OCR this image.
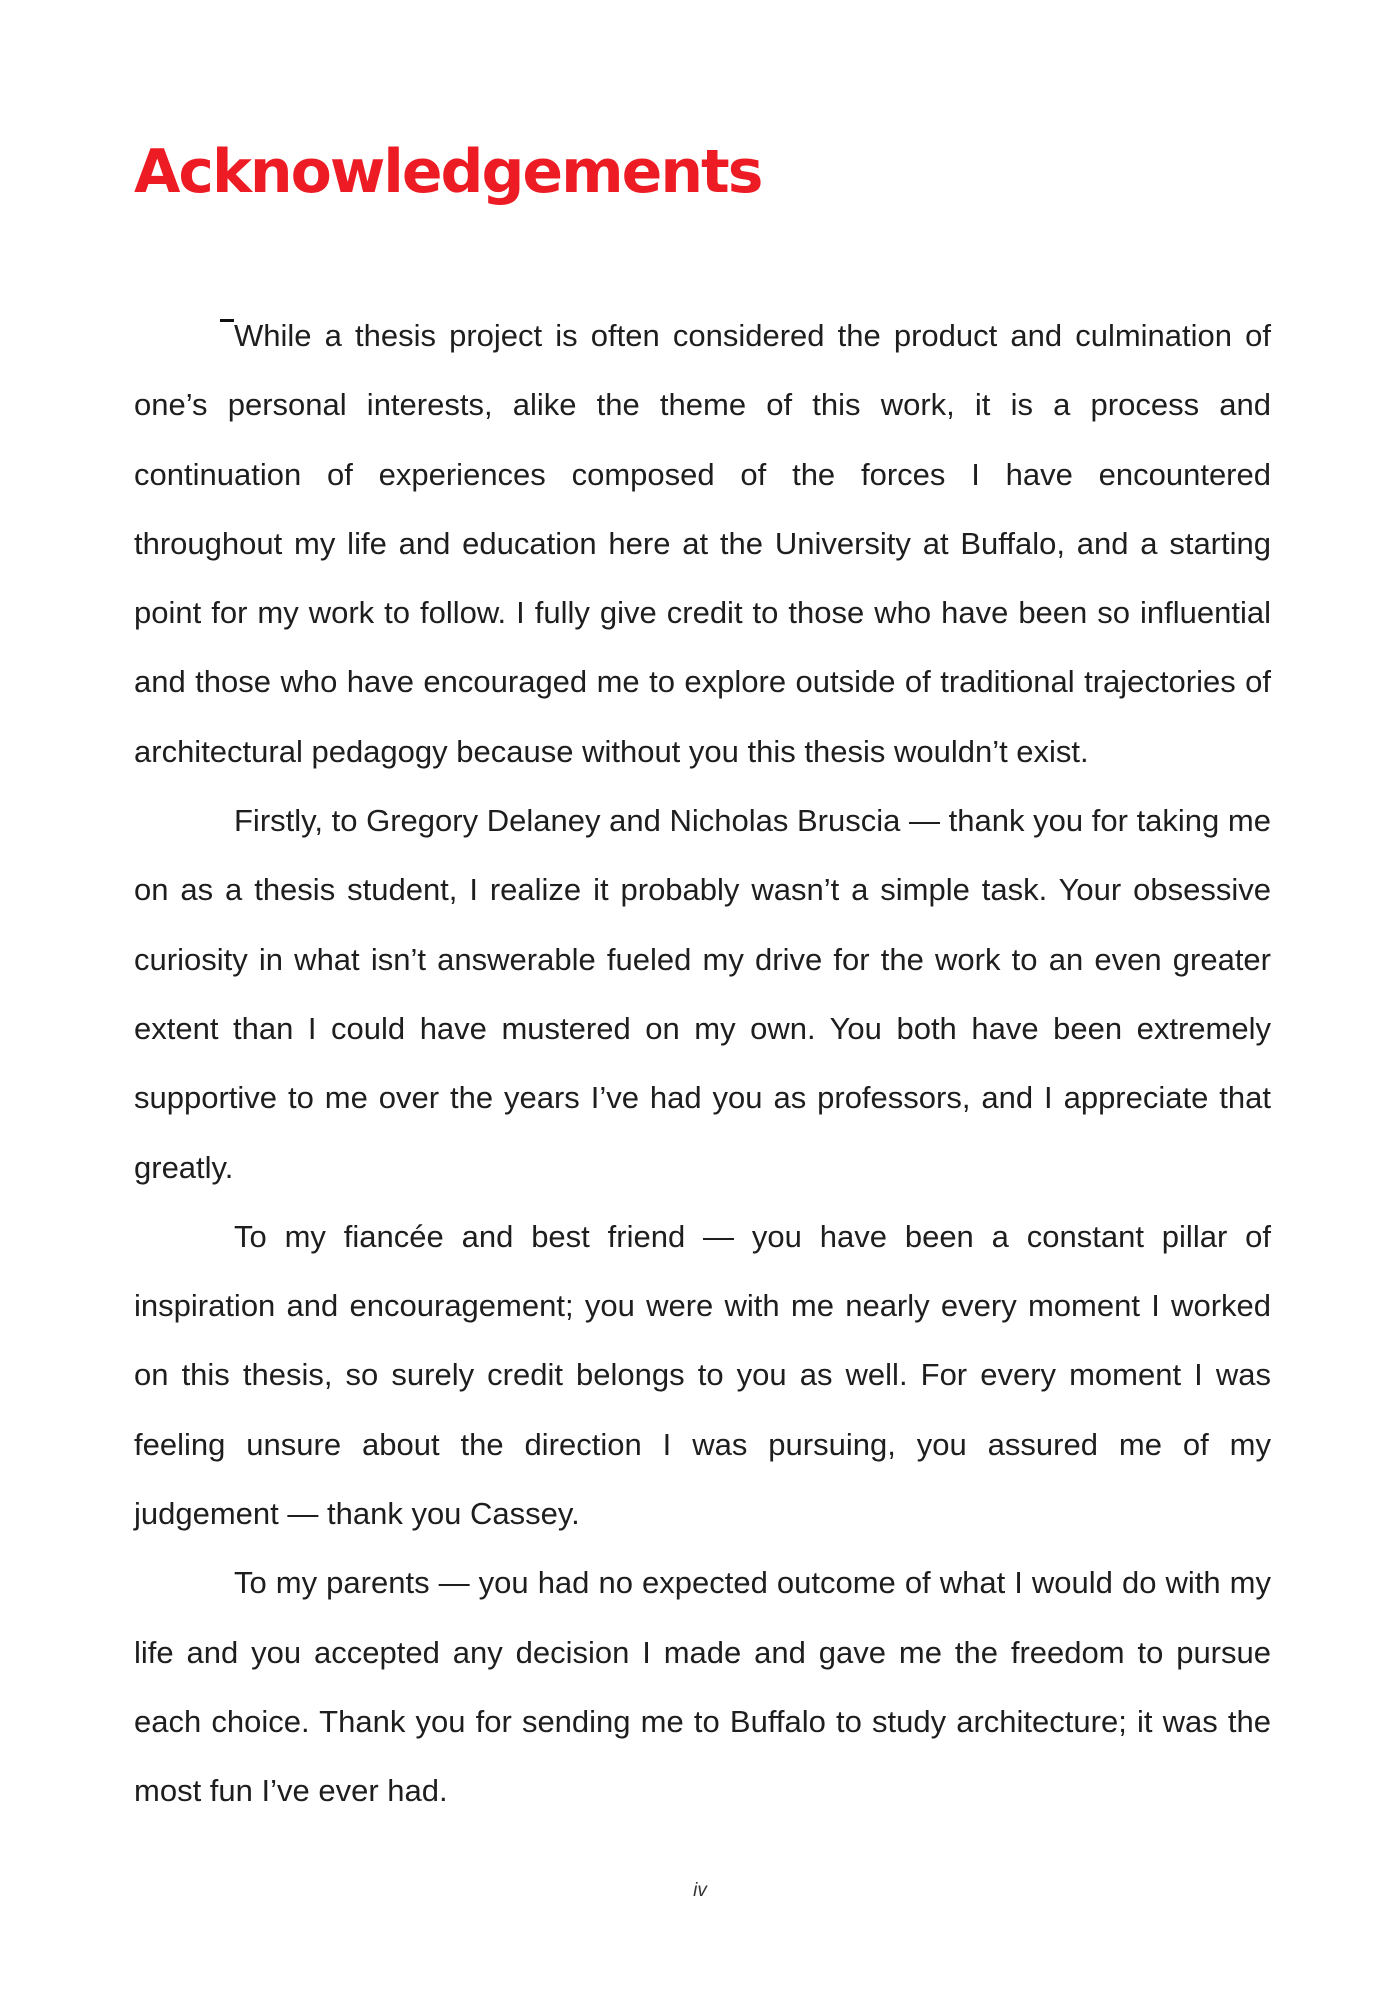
Acknowledgements

While a thesis project is often considered the product and culmination of one’s personal interests, alike the theme of this work, it is a process and continuation of experiences composed of the forces I have encountered throughout my life and education here at the University at Buffalo, and a starting point for my work to follow. I fully give credit to those who have been so influential and those who have encouraged me to explore outside of traditional trajectories of architectural pedagogy because without you this thesis wouldn’t exist.

Firstly, to Gregory Delaney and Nicholas Bruscia — thank you for taking me on as a thesis student, I realize it probably wasn’t a simple task. Your obsessive curiosity in what isn’t answerable fueled my drive for the work to an even greater extent than I could have mustered on my own. You both have been extremely supportive to me over the years I’ve had you as professors, and I appreciate that greatly.

To my fiancée and best friend — you have been a constant pillar of inspiration and encouragement; you were with me nearly every moment I worked on this thesis, so surely credit belongs to you as well. For every moment I was feeling unsure about the direction I was pursuing, you assured me of my judgement — thank you Cassey.

To my parents — you had no expected outcome of what I would do with my life and you accepted any decision I made and gave me the freedom to pursue each choice. Thank you for sending me to Buffalo to study architecture; it was the most fun I’ve ever had.

iv
